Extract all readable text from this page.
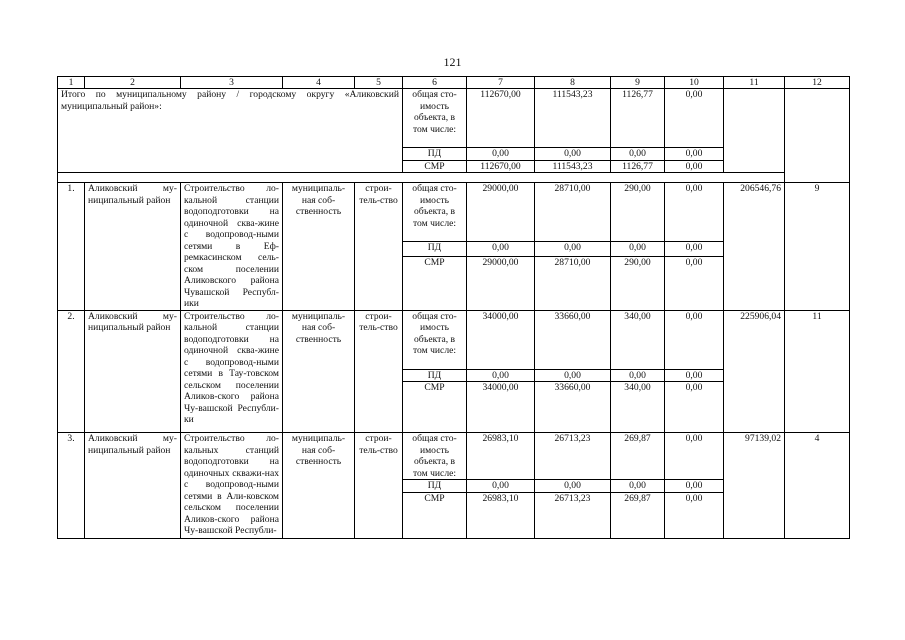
121
1	2	3	4	5	6	7	8	9	10	11	12
Итого по муниципальному району / городскому округу «Аликовский муниципальный район»:					общая сто-имость объекта, в том числе:	112670,00	111543,23	1126,77	0,00		
					ПД	0,00	0,00	0,00	0,00		
					СМР	112670,00	111543,23	1126,77	0,00		

1.	Аликовский му-ниципальный район	Строительство ло-кальной станции водоподготовки на одиночной сква-жине с водопровод-ными сетями в Еф-ремкасинском сель-ском поселении Аликовского района Чувашской Республ-ики	муниципаль-ная соб-ственность	строи-тель-ство	общая сто-имость объекта, в том числе:	29000,00	28710,00	290,00	0,00	206546,76	9
					ПД	0,00	0,00	0,00	0,00		
					СМР	29000,00	28710,00	290,00	0,00		
2.	Аликовский му-ниципальный район	Строительство ло-кальной станции водоподготовки на одиночной сква-жине с водопровод-ными сетями в Тау-товском сельском поселении Аликов-ского района Чу-вашской Республи-ки	муниципаль-ная соб-ственность	строи-тель-ство	общая сто-имость объекта, в том числе:	34000,00	33660,00	340,00	0,00	225906,04	11
					ПД	0,00	0,00	0,00	0,00		
					СМР	34000,00	33660,00	340,00	0,00		
3.	Аликовский му-ниципальный район	Строительство ло-кальных станций водоподготовки на одиночных скважи-нах с водопровод-ными сетями в Али-ковском сельском поселении Аликов-ского района Чу-вашской Республи-	муниципаль-ная соб-ственность	строи-тель-ство	общая сто-имость объекта, в том числе:	26983,10	26713,23	269,87	0,00	97139,02	4
					ПД	0,00	0,00	0,00	0,00		
					СМР	26983,10	26713,23	269,87	0,00		
